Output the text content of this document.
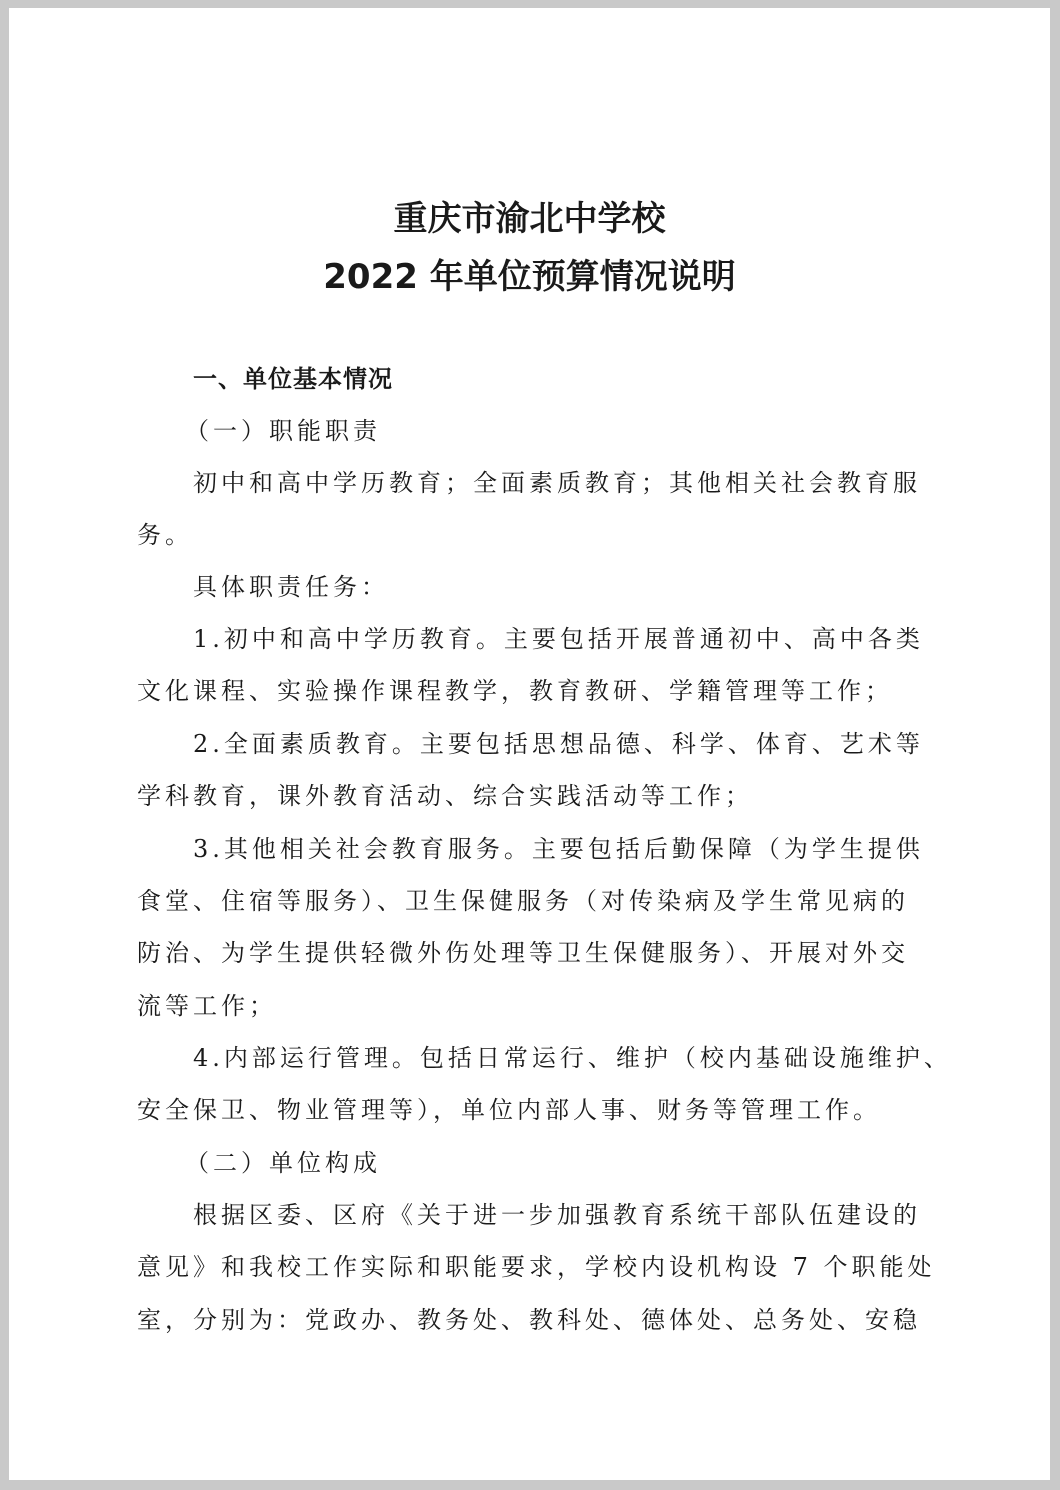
重庆市渝北中学校
2022 年单位预算情况说明
一、单位基本情况
（一）职能职责
初中和高中学历教育；全面素质教育；其他相关社会教育服
务。
具体职责任务：
1.初中和高中学历教育。主要包括开展普通初中、高中各类
文化课程、实验操作课程教学，教育教研、学籍管理等工作；
2.全面素质教育。主要包括思想品德、科学、体育、艺术等
学科教育，课外教育活动、综合实践活动等工作；
3.其他相关社会教育服务。主要包括后勤保障（为学生提供
食堂、住宿等服务）、卫生保健服务（对传染病及学生常见病的
防治、为学生提供轻微外伤处理等卫生保健服务）、开展对外交
流等工作；
4.内部运行管理。包括日常运行、维护（校内基础设施维护、
安全保卫、物业管理等），单位内部人事、财务等管理工作。
（二）单位构成
根据区委、区府《关于进一步加强教育系统干部队伍建设的
意见》和我校工作实际和职能要求，学校内设机构设 7 个职能处
室，分别为：党政办、教务处、教科处、德体处、总务处、安稳
